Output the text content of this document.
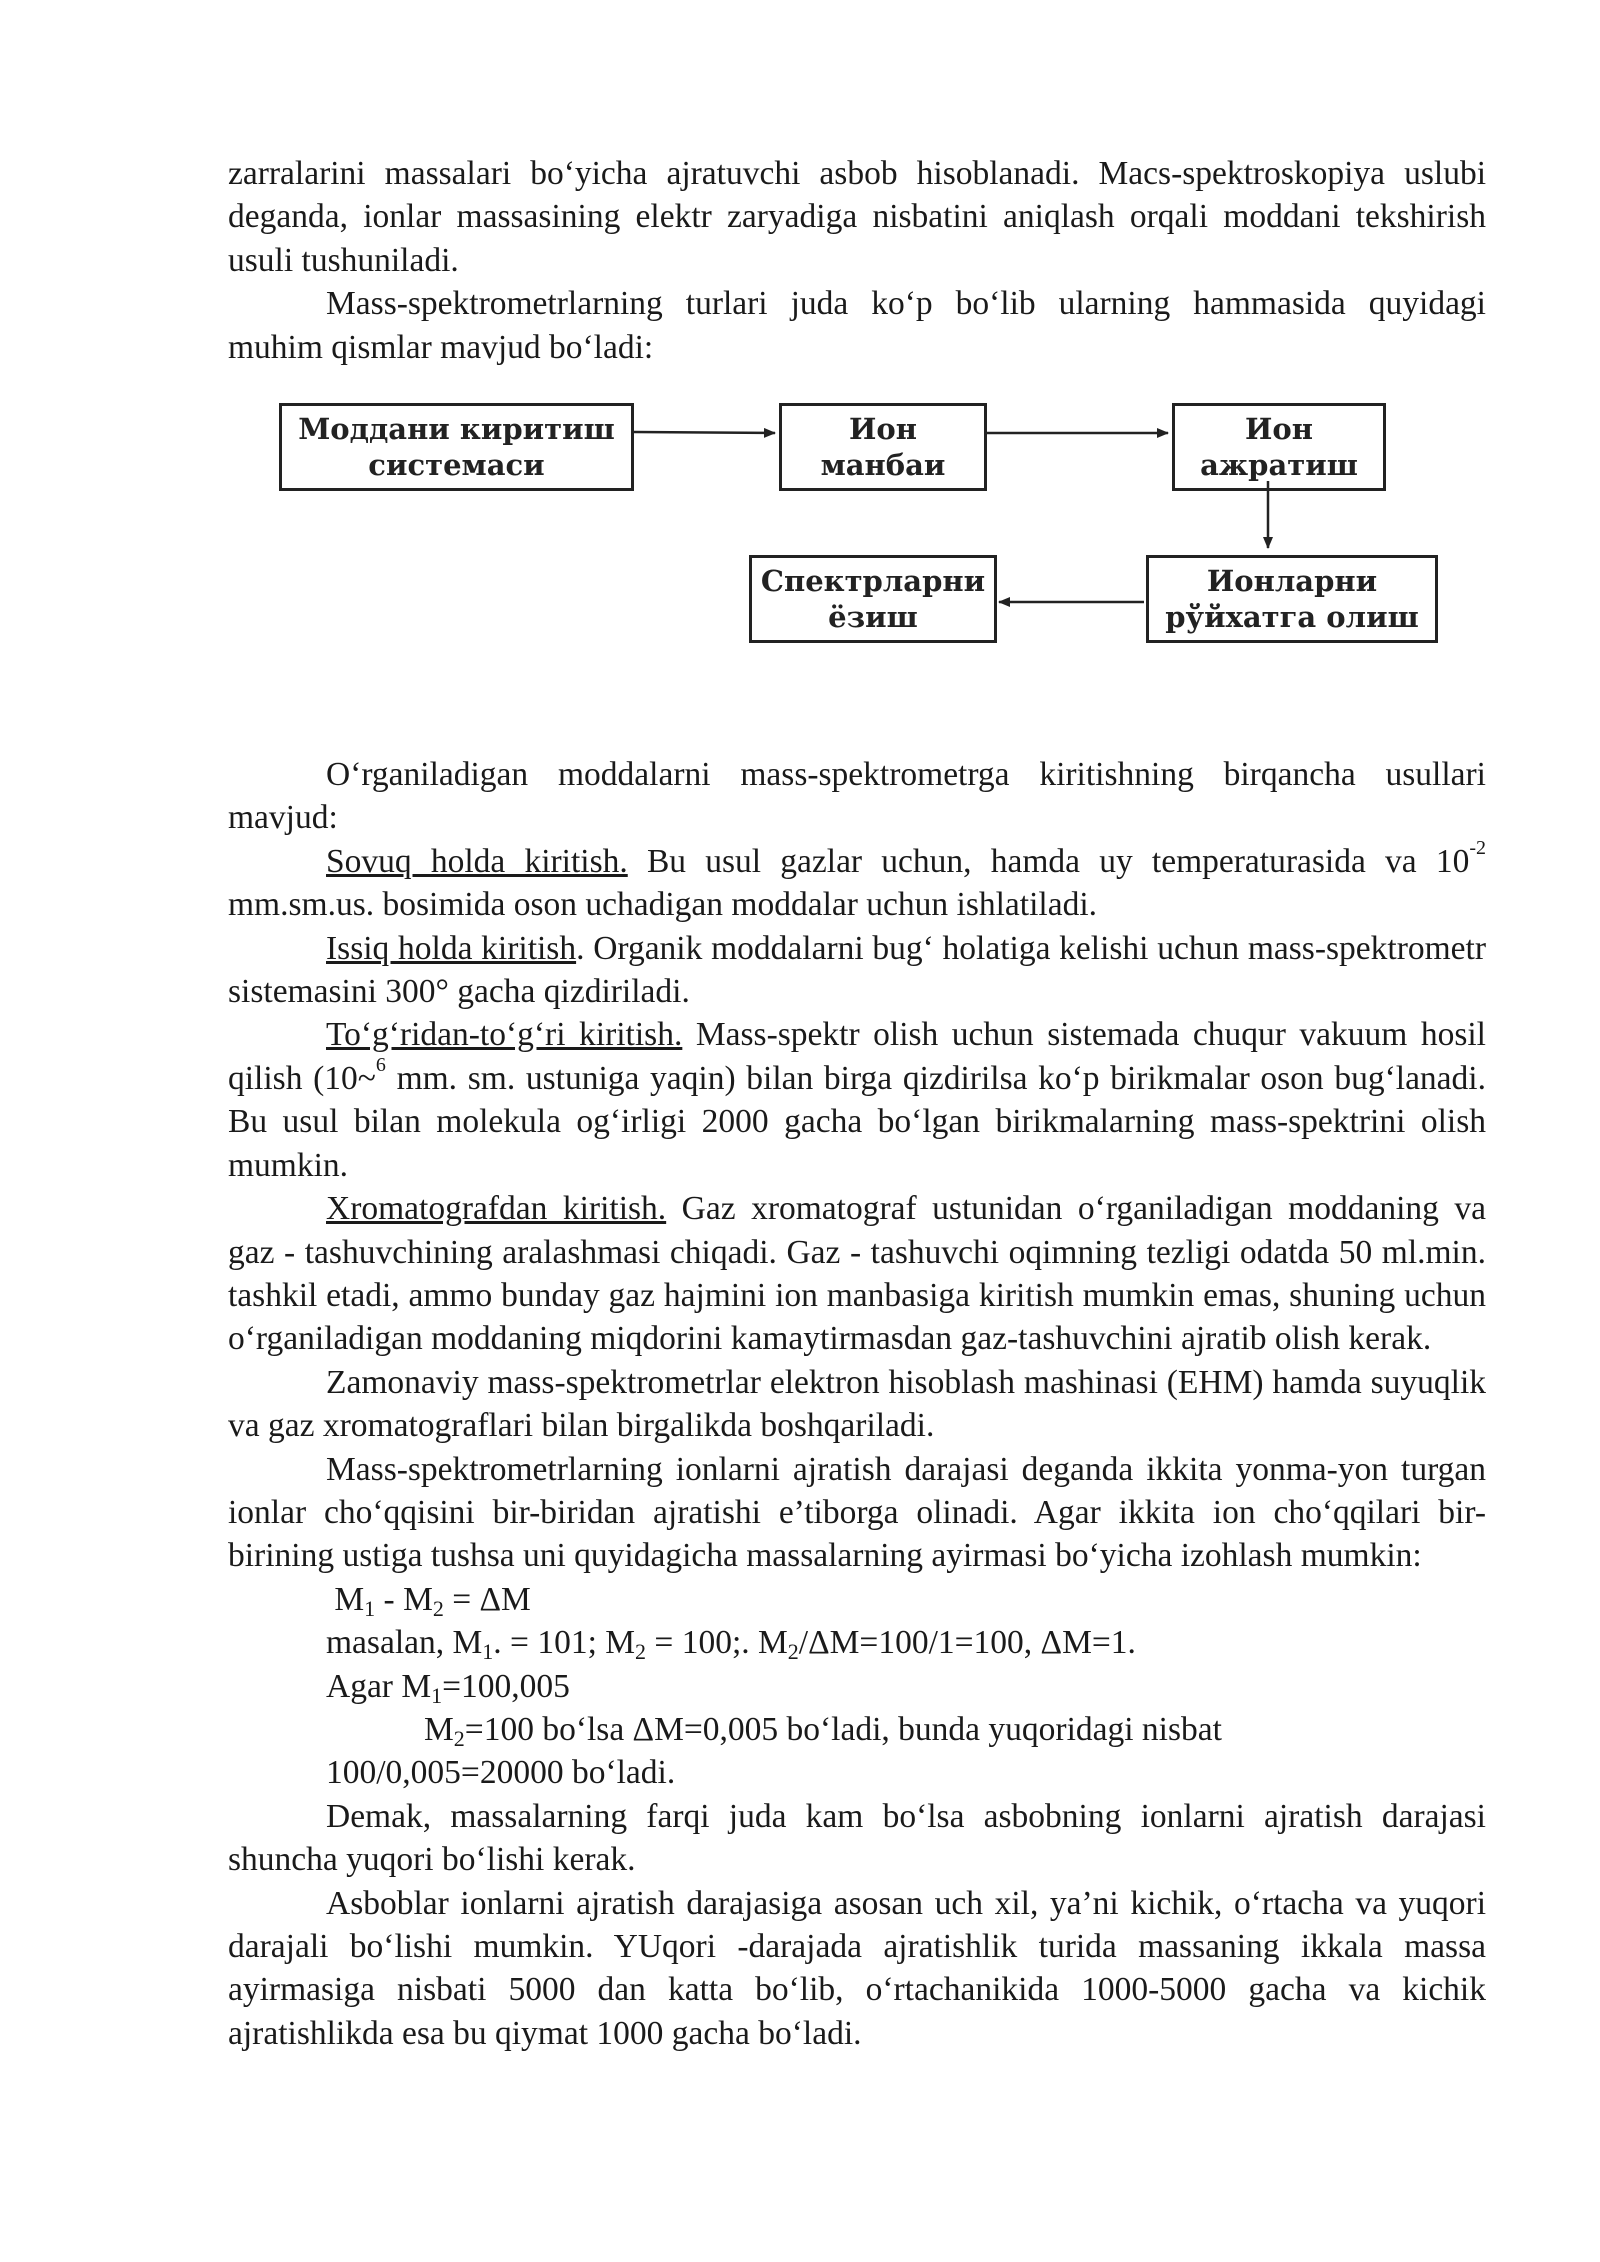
zarralarini massalari bo‘yicha ajratuvchi asbob hisoblanadi. Macs-spektroskopiya uslubi deganda, ionlar massasining elektr zaryadiga nisbatini aniqlash orqali moddani tekshirish usuli tushuniladi.

Mass-spektrometrlarning turlari juda ko‘p bo‘lib ularning hammasida quyidagi muhim qismlar mavjud bo‘ladi:

Моддани киритиш
системаси
Ион
манбаи
Ион
ажратиш
Ионларни
рўйхатга олиш
Спектрларни
ёзиш

O‘rganiladigan moddalarni mass-spektrometrga kiritishning birqancha usullari mavjud:

Sovuq holda kiritish. Bu usul gazlar uchun, hamda uy temperaturasida va $10^{-2}$ mm.sm.us. bosimida oson uchadigan moddalar uchun ishlatiladi.

Issiq holda kiritish. Organik moddalarni bug‘ holatiga kelishi uchun mass-spektrometr sistemasini 300° gacha qizdiriladi.

To‘g‘ridan-to‘g‘ri kiritish. Mass-spektr olish uchun sistemada chuqur vakuum hosil qilish (10~$^6$ mm. sm. ustuniga yaqin) bilan birga qizdirilsa ko‘p birikmalar oson bug‘lanadi. Bu usul bilan molekula og‘irligi 2000 gacha bo‘lgan birikmalarning mass-spektrini olish mumkin.

Xromatografdan kiritish. Gaz xromatograf ustunidan o‘rganiladigan moddaning va gaz - tashuvchining aralashmasi chiqadi. Gaz - tashuvchi oqimning tezligi odatda 50 ml.min. tashkil etadi, ammo bunday gaz hajmini ion manbasiga kiritish mumkin emas, shuning uchun o‘rganiladigan moddaning miqdorini kamaytirmasdan gaz-tashuvchini ajratib olish kerak.

Zamonaviy mass-spektrometrlar elektron hisoblash mashinasi (EHM) hamda suyuqlik va gaz xromatograflari bilan birgalikda boshqariladi.

Mass-spektrometrlarning ionlarni ajratish darajasi deganda ikkita yonma-yon turgan ionlar cho‘qqisini bir-biridan ajratishi e’tiborga olinadi. Agar ikkita ion cho‘qqilari bir-birining ustiga tushsa uni quyidagicha massalarning ayirmasi bo‘yicha izohlash mumkin:

$M_1 - M_2 = \Delta M$

masalan, $M_1$. = 101; $M_2 = 100$;. $M_2/\Delta M=100/1=100$, ΔM=1.

Agar $M_1=100,005$

$M_2=100$ bo‘lsa ΔM=0,005 bo‘ladi, bunda yuqoridagi nisbat

100/0,005=20000 bo‘ladi.

Demak, massalarning farqi juda kam bo‘lsa asbobning ionlarni ajratish darajasi shuncha yuqori bo‘lishi kerak.

Asboblar ionlarni ajratish darajasiga asosan uch xil, ya’ni kichik, o‘rtacha va yuqori darajali bo‘lishi mumkin. YUqori -darajada ajratishlik turida massaning ikkala massa ayirmasiga nisbati 5000 dan katta bo‘lib, o‘rtachanikida 1000-5000 gacha va kichik ajratishlikda esa bu qiymat 1000 gacha bo‘ladi.
